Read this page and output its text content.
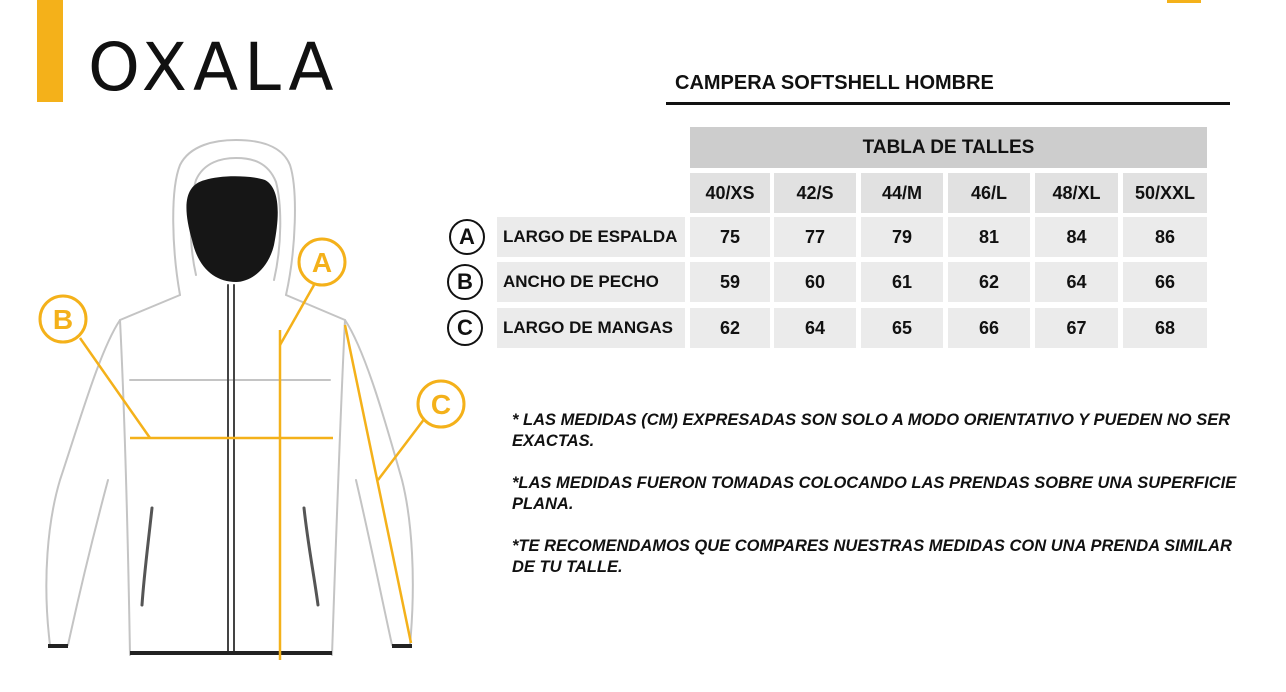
OXALA	CAMPERA SOFTSHELL HOMBRE
TABLA DE TALLES
40/XS	42/S	44/M	46/L	48/XL	50/XXL
A	LARGO DE ESPALDA	75	77	79	81	84	86
B	ANCHO DE PECHO	59	60	61	62	64	66
C	LARGO DE MANGAS	62	64	65	66	67	68

* LAS MEDIDAS (CM) EXPRESADAS SON SOLO A MODO ORIENTATIVO Y PUEDEN NO SER EXACTAS.

*LAS MEDIDAS FUERON TOMADAS COLOCANDO LAS PRENDAS SOBRE UNA SUPERFICIE PLANA.

*TE RECOMENDAMOS QUE COMPARES NUESTRAS MEDIDAS CON UNA PRENDA SIMILAR DE TU TALLE.

A
B
C
